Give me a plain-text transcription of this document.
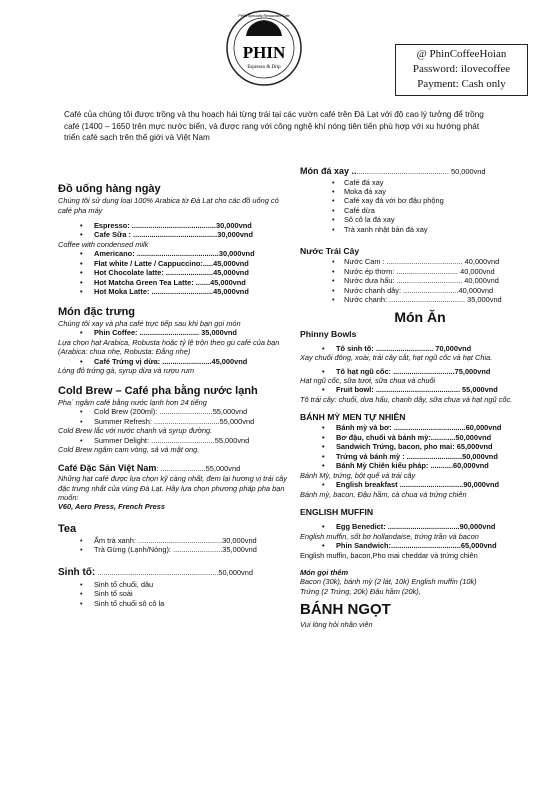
PHIN Specialty Restaurant Cafe
PHIN
Espresso & Drip
@ PhinCoffeeHoian
Password: ilovecoffee
Payment: Cash only
Café của chúng tôi được trồng và thu hoạch hái từng trái tại các vườn café trên Đà Lạt với độ cao lý tưởng để trồng café (1400 – 1650 trên mực nước biển, và được rang với công nghệ khí nóng tiên tiến phù hợp với xu hướng phát triển café sạch trên thế giới và Việt Nam
Đồ uống hàng ngày
Chúng tôi sử dụng loại 100% Arabica từ Đà Lạt cho các đồ uống có café pha máy
• Espresso: .........................................30,000vnd
• Cafe Sữa : .........................................30,000vnd
Coffee with condensed milk
• Americano: ........................................30,000vnd
• Flat white / Latte / Cappuccino:.....45,000vnd
• Hot Chocolate latte: .......................45,000vnd
• Hot Matcha Green Tea Latte: .......45,000vnd
• Hot Moka Latte: ..............................45,000vnd
Món đặc trưng
Chúng tôi xay và pha café trực tiếp sau khi bạn gọi món
• Phin Coffee: ............................. 35,000vnd
Lựa chọn hạt Arabica, Robusta hoặc tỷ lệ trộn theo gu café của bạn (Arabica: chua nhẹ, Robusta: Đắng nhẹ)
• Café Trứng vị dừa: ........................45,000vnd
Lòng đỏ trứng gà, syrup dừa và rượu rum
Cold Brew – Café pha bằng nước lạnh
Phaˊ ngâm café bằng nước lạnh hơn 24 tiếng
• Cold Brew (200ml): ..........................55,000vnd
• Summer Refresh: ................................55,000vnd
Cold Brew lắc với nước chanh và syrup đường.
• Summer Delight: ...............................55,000vnd
Cold Brew ngâm cam vòng, sả và mật ong.
Café Đặc Sản Việt Nam: ......................55,000vnd
Những hạt café được lựa chọn kỹ càng nhất, đem lại hương vị trái cây đặc trưng nhất của vùng Đà Lạt. Hãy lựa chọn phương pháp pha bạn muốn:
V60, Aero Press, French Press
Tea
• Ấm trà xanh: .........................................30,000vnd
• Trà Gừng (Lạnh/Nóng): ........................35,000vnd
Sinh tố: ...........................................................50,000vnd
• Sinh tố chuối, dâu
• Sinh tố soài
• Sinh tố chuối sô cô la
Món đá xay ............................................... 50,000vnd
• Café đá xay
• Moka đá xay
• Café xay đá với bơ đậu phộng
• Café dừa
• Sô cô la đá xay
• Trà xanh nhật bản đá xay
Nước Trái Cây
• Nước Cam : ..................................... 40,000vnd
• Nước ép thơm: .............................. 40,000vnd
• Nước dưa hấu: ................................ 40,000vnd
• Nước chanh dây: ...........................40,000vnd
• Nước chanh: ..................................... 35,000vnd
Món Ăn
Phinny Bowls
• Tô sinh tố: ............................ 70,000vnd
Xay chuối đông, xoài, trái cây cắt, hạt ngũ cốc và hạt Chia.
• Tô hạt ngũ cốc: ..............................75,000vnd
Hạt ngũ cốc, sữa tươi, sữa chua và chuối
• Fruit bowl: ......................................... 55,000vnd
Tô trái cây: chuối, dưa hấu, chanh dây, sữa chua và hạt ngũ cốc.
BÁNH MỲ MEN TỰ NHIÊN
• Bánh mỳ và bơ: ...................................60,000vnd
• Bơ đậu, chuối và bánh mỳ:............50,000vnd
• Sandwich Trứng, bacon, pho mai: 65,000vnd
• Trứng và bánh mỳ : ...........................50,000vnd
• Bánh Mỳ Chiên kiểu pháp: ...........60,000vnd
Bánh Mỳ, trứng, bột quế và trái cây
• English breakfast ...............................90,000vnd
Bánh mỳ, bacon, Đậu hầm, cà chua và trứng chiên
ENGLISH MUFFIN
• Egg Benedict: ...................................90,000vnd
English muffin, sốt bơ hollandaise, trứng trần và bacon
• Phin Sandwich:..................................65,000vnd
English muffin, bacon,Pho mai cheddar và trứng chiên
Món gọi thêm
Bacon (30k), bánh mỳ (2 lát, 10k) English muffin (10k)
Trứng (2 Trứng, 20k) Đậu hầm (20k),
BÁNH NGỌT
Vui lòng hỏi nhân viên
